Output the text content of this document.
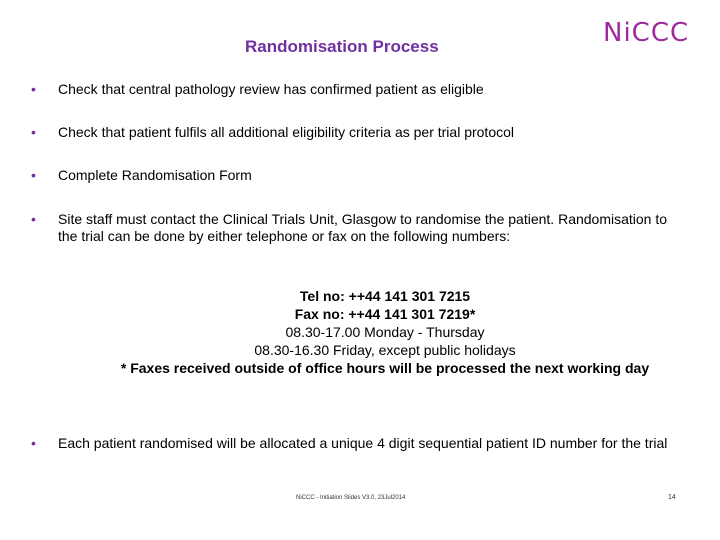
Randomisation Process	NiCCC
• Check that central pathology review has confirmed patient as eligible
• Check that patient fulfils all additional eligibility criteria as per trial protocol
• Complete Randomisation Form
• Site staff must contact the Clinical Trials Unit, Glasgow to randomise the patient. Randomisation to the trial can be done by either telephone or fax on the following numbers:
Tel no: ++44 141 301 7215
Fax no: ++44 141 301 7219*
08.30-17.00 Monday - Thursday
08.30-16.30 Friday, except public holidays
* Faxes received outside of office hours will be processed the next working day
• Each patient randomised will be allocated a unique 4 digit sequential patient ID number for the trial
NiCCC - Initiation Slides V3.0, 23Jul2014	14
